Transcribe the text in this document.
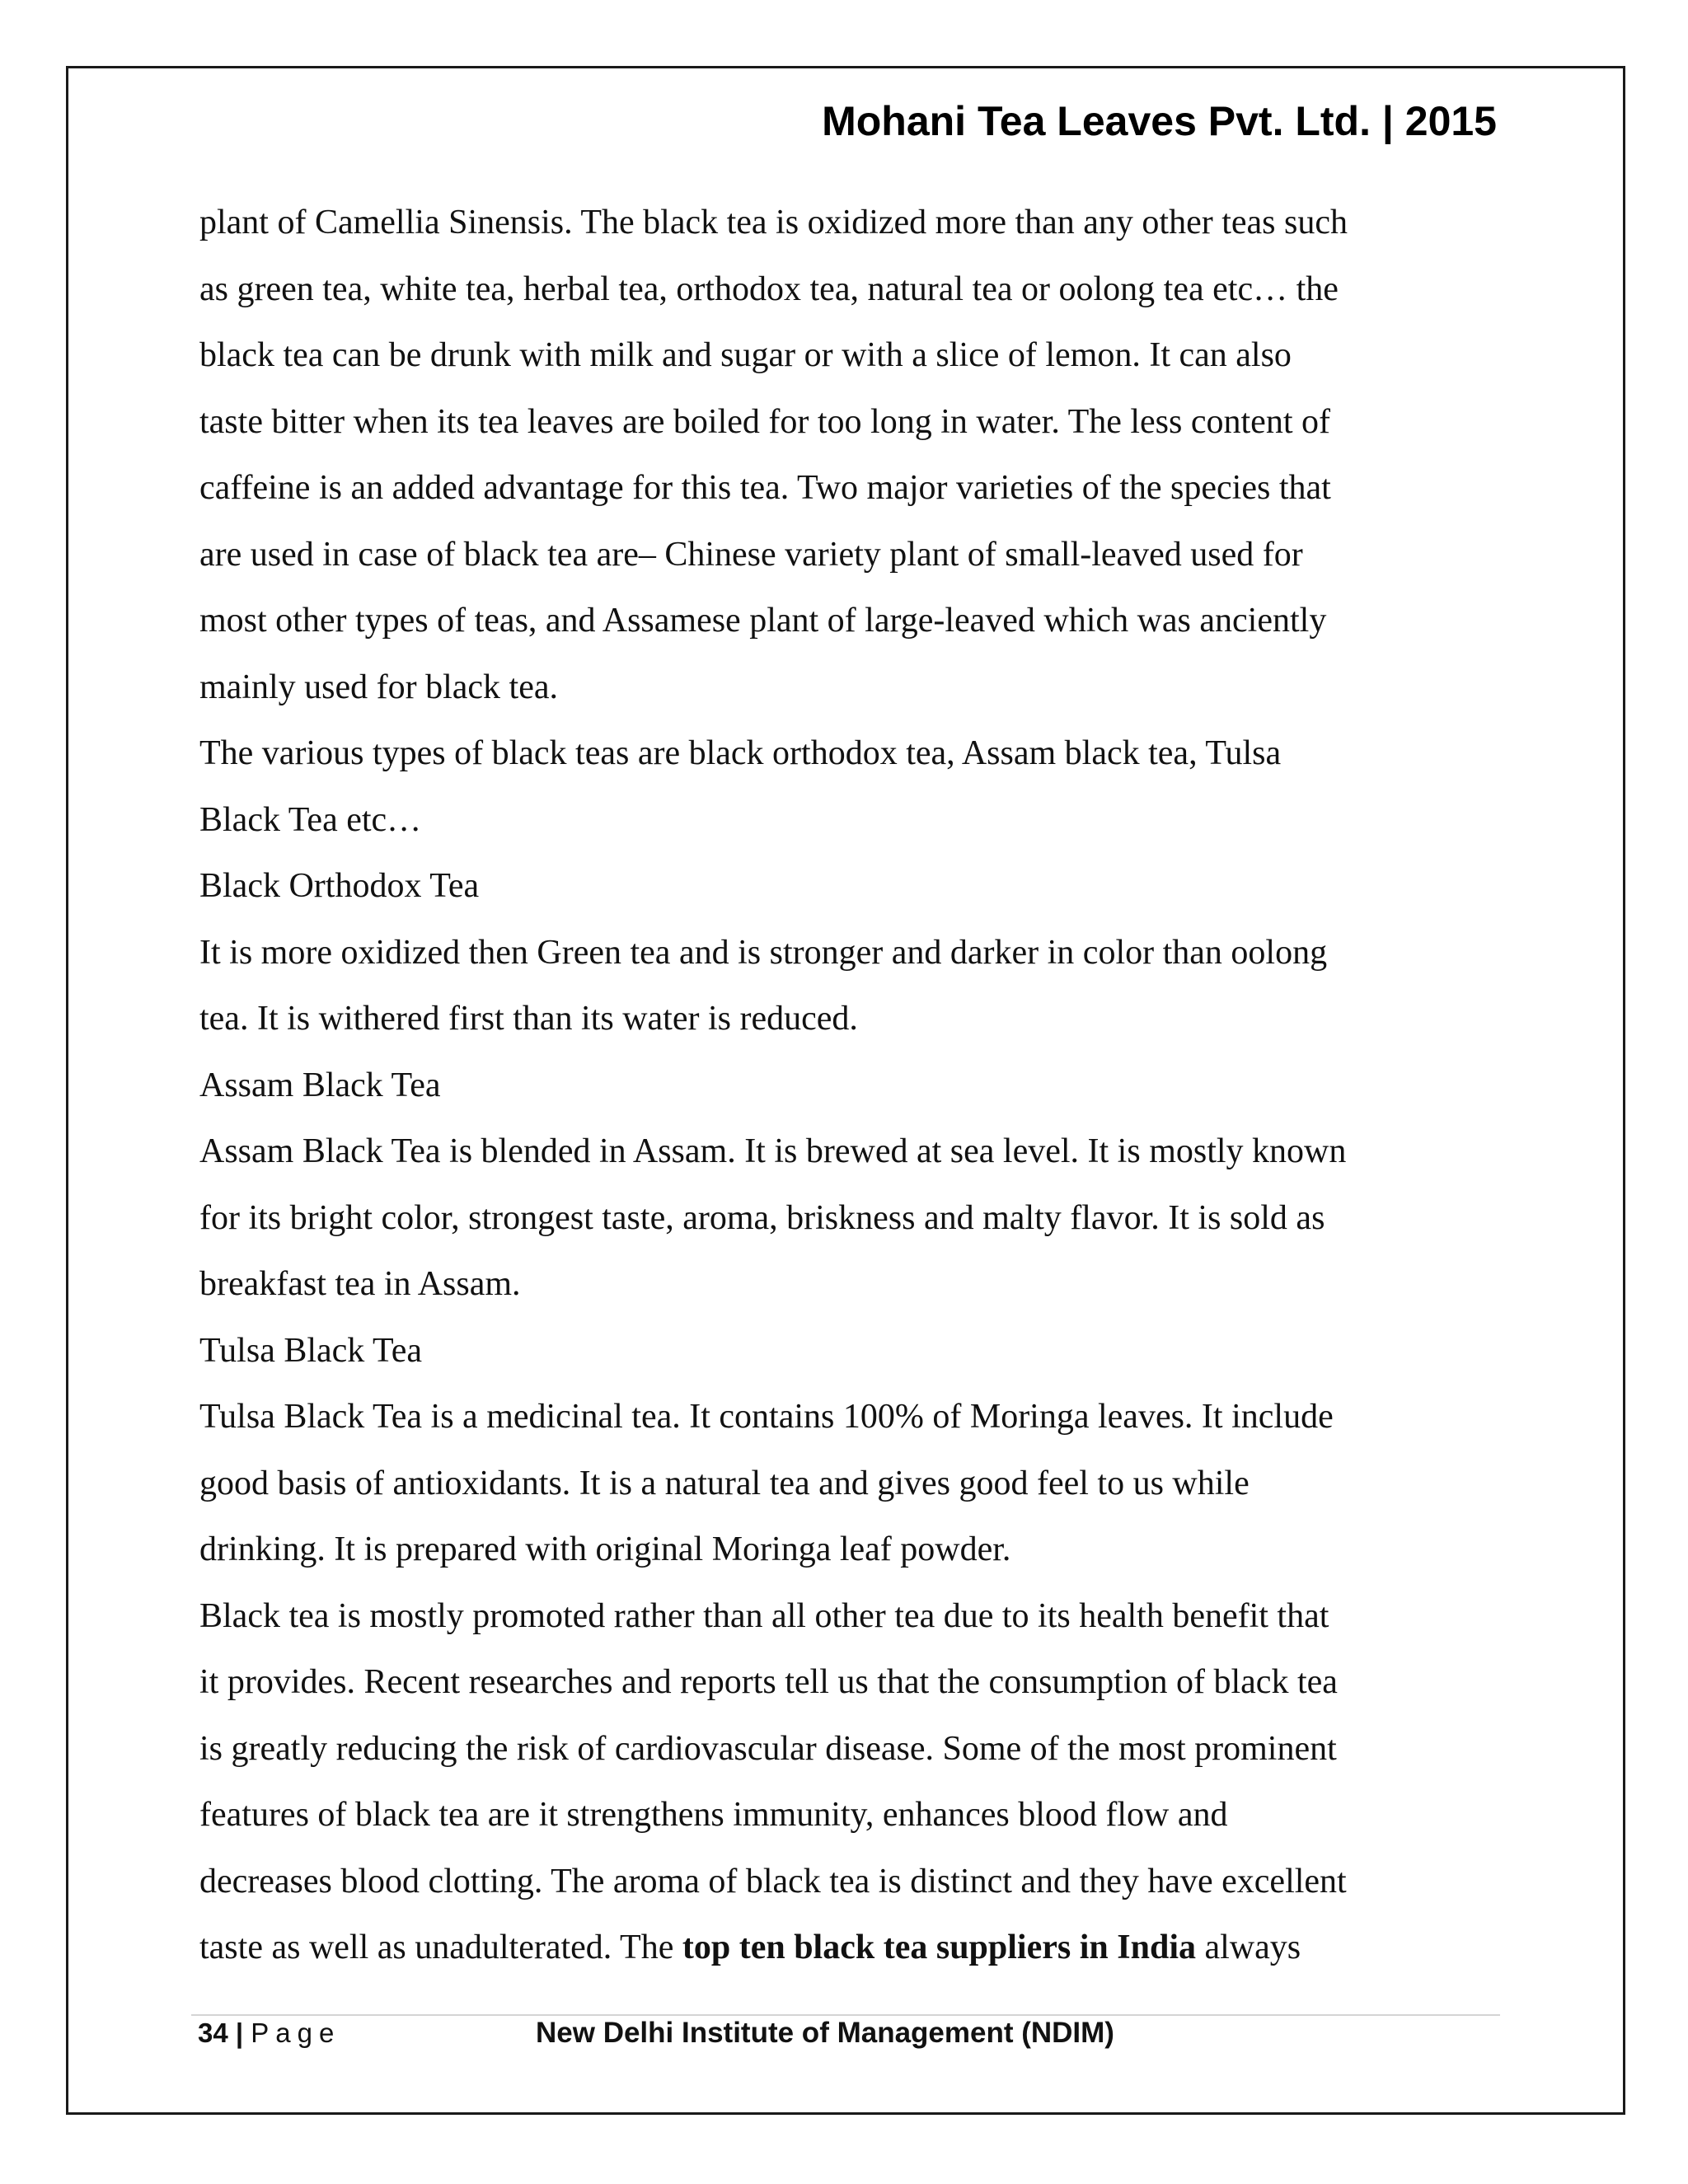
Mohani Tea Leaves Pvt. Ltd. | 2015
plant of Camellia Sinensis. The black tea is oxidized more than any other teas such
as green tea, white tea, herbal tea, orthodox tea, natural tea or oolong tea etc… the
black tea can be drunk with milk and sugar or with a slice of lemon. It can also
taste bitter when its tea leaves are boiled for too long in water. The less content of
caffeine is an added advantage for this tea. Two major varieties of the species that
are used in case of black tea are– Chinese variety plant of small-leaved used for
most other types of teas, and Assamese plant of large-leaved which was anciently
mainly used for black tea.
The various types of black teas are black orthodox tea, Assam black tea, Tulsa
Black Tea etc…
Black Orthodox Tea
It is more oxidized then Green tea and is stronger and darker in color than oolong
tea. It is withered first than its water is reduced.
Assam Black Tea
Assam Black Tea is blended in Assam. It is brewed at sea level. It is mostly known
for its bright color, strongest taste, aroma, briskness and malty flavor. It is sold as
breakfast tea in Assam.
Tulsa Black Tea
Tulsa Black Tea is a medicinal tea. It contains 100% of Moringa leaves. It include
good basis of antioxidants. It is a natural tea and gives good feel to us while
drinking. It is prepared with original Moringa leaf powder.
Black tea is mostly promoted rather than all other tea due to its health benefit that
it provides. Recent researches and reports tell us that the consumption of black tea
is greatly reducing the risk of cardiovascular disease. Some of the most prominent
features of black tea are it strengthens immunity, enhances blood flow and
decreases blood clotting. The aroma of black tea is distinct and they have excellent
taste as well as unadulterated. The top ten black tea suppliers in India always
34 | Page	New Delhi Institute of Management (NDIM)
